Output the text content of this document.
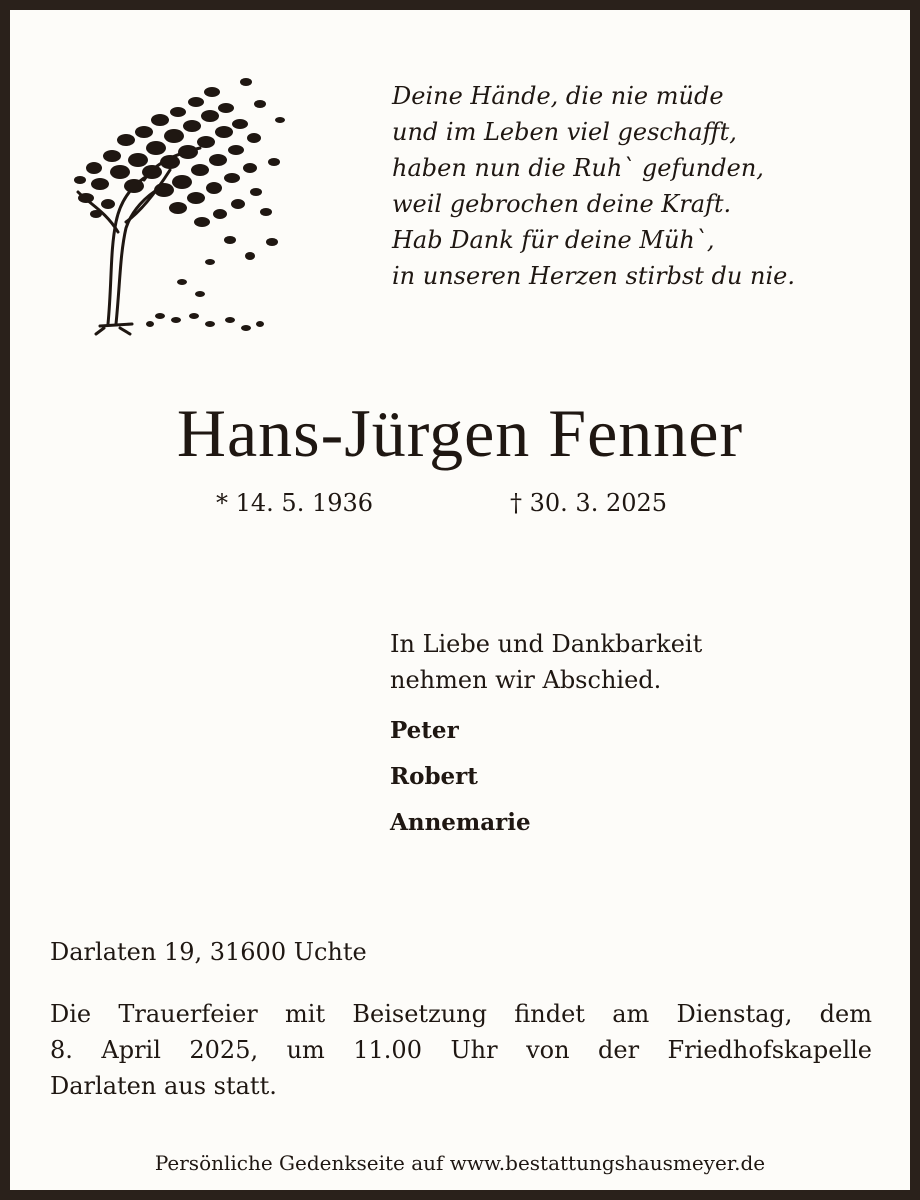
Deine Hände, die nie müde
und im Leben viel geschafft,
haben nun die Ruh` gefunden,
weil gebrochen deine Kraft.
Hab Dank für deine Müh`,
in unseren Herzen stirbst du nie.
Hans-Jürgen Fenner
* 14. 5. 1936	† 30. 3. 2025
In Liebe und Dankbarkeit
nehmen wir Abschied.
Peter
Robert
Annemarie
Darlaten 19, 31600 Uchte
Die Trauerfeier mit Beisetzung findet am Dienstag, dem
8. April 2025, um 11.00 Uhr von der Friedhofskapelle
Darlaten aus statt.
Persönliche Gedenkseite auf www.bestattungshausmeyer.de
